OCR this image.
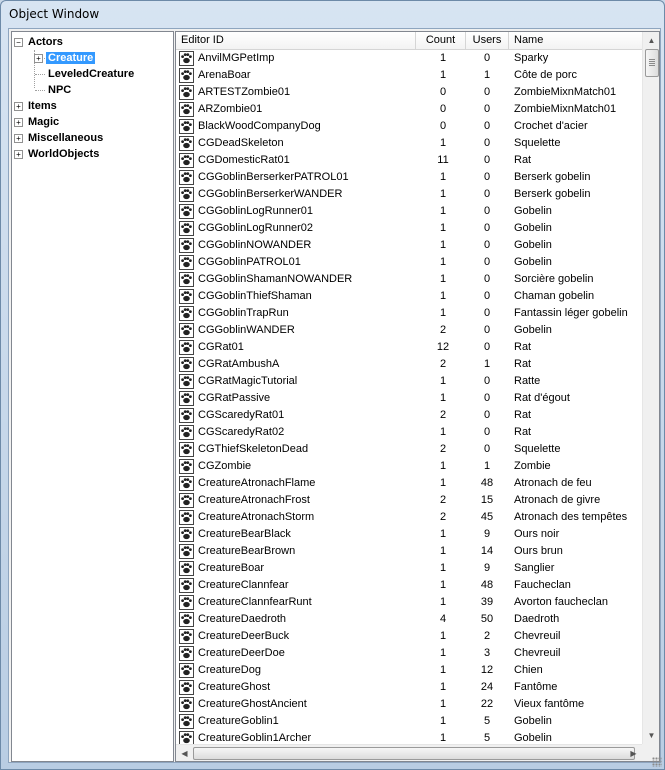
Object Window
− Actors
+ Creature
LeveledCreature
NPC
+ Items
+ Magic
+ Miscellaneous
+ WorldObjects
Editor ID	Count	Users	Name
AnvilMGPetImp	1	0	Sparky
ArenaBoar	1	1	Côte de porc
ARTESTZombie01	0	0	ZombieMixnMatch01
ARZombie01	0	0	ZombieMixnMatch01
BlackWoodCompanyDog	0	0	Crochet d'acier
CGDeadSkeleton	1	0	Squelette
CGDomesticRat01	11	0	Rat
CGGoblinBerserkerPATROL01	1	0	Berserk gobelin
CGGoblinBerserkerWANDER	1	0	Berserk gobelin
CGGoblinLogRunner01	1	0	Gobelin
CGGoblinLogRunner02	1	0	Gobelin
CGGoblinNOWANDER	1	0	Gobelin
CGGoblinPATROL01	1	0	Gobelin
CGGoblinShamanNOWANDER	1	0	Sorcière gobelin
CGGoblinThiefShaman	1	0	Chaman gobelin
CGGoblinTrapRun	1	0	Fantassin léger gobelin
CGGoblinWANDER	2	0	Gobelin
CGRat01	12	0	Rat
CGRatAmbushA	2	1	Rat
CGRatMagicTutorial	1	0	Ratte
CGRatPassive	1	0	Rat d'égout
CGScaredyRat01	2	0	Rat
CGScaredyRat02	1	0	Rat
CGThiefSkeletonDead	2	0	Squelette
CGZombie	1	1	Zombie
CreatureAtronachFlame	1	48	Atronach de feu
CreatureAtronachFrost	2	15	Atronach de givre
CreatureAtronachStorm	2	45	Atronach des tempêtes
CreatureBearBlack	1	9	Ours noir
CreatureBearBrown	1	14	Ours brun
CreatureBoar	1	9	Sanglier
CreatureClannfear	1	48	Faucheclan
CreatureClannfearRunt	1	39	Avorton faucheclan
CreatureDaedroth	4	50	Daedroth
CreatureDeerBuck	1	2	Chevreuil
CreatureDeerDoe	1	3	Chevreuil
CreatureDog	1	12	Chien
CreatureGhost	1	24	Fantôme
CreatureGhostAncient	1	22	Vieux fantôme
CreatureGoblin1	1	5	Gobelin
CreatureGoblin1Archer	1	5	Gobelin
▲
▼
◀	▶
